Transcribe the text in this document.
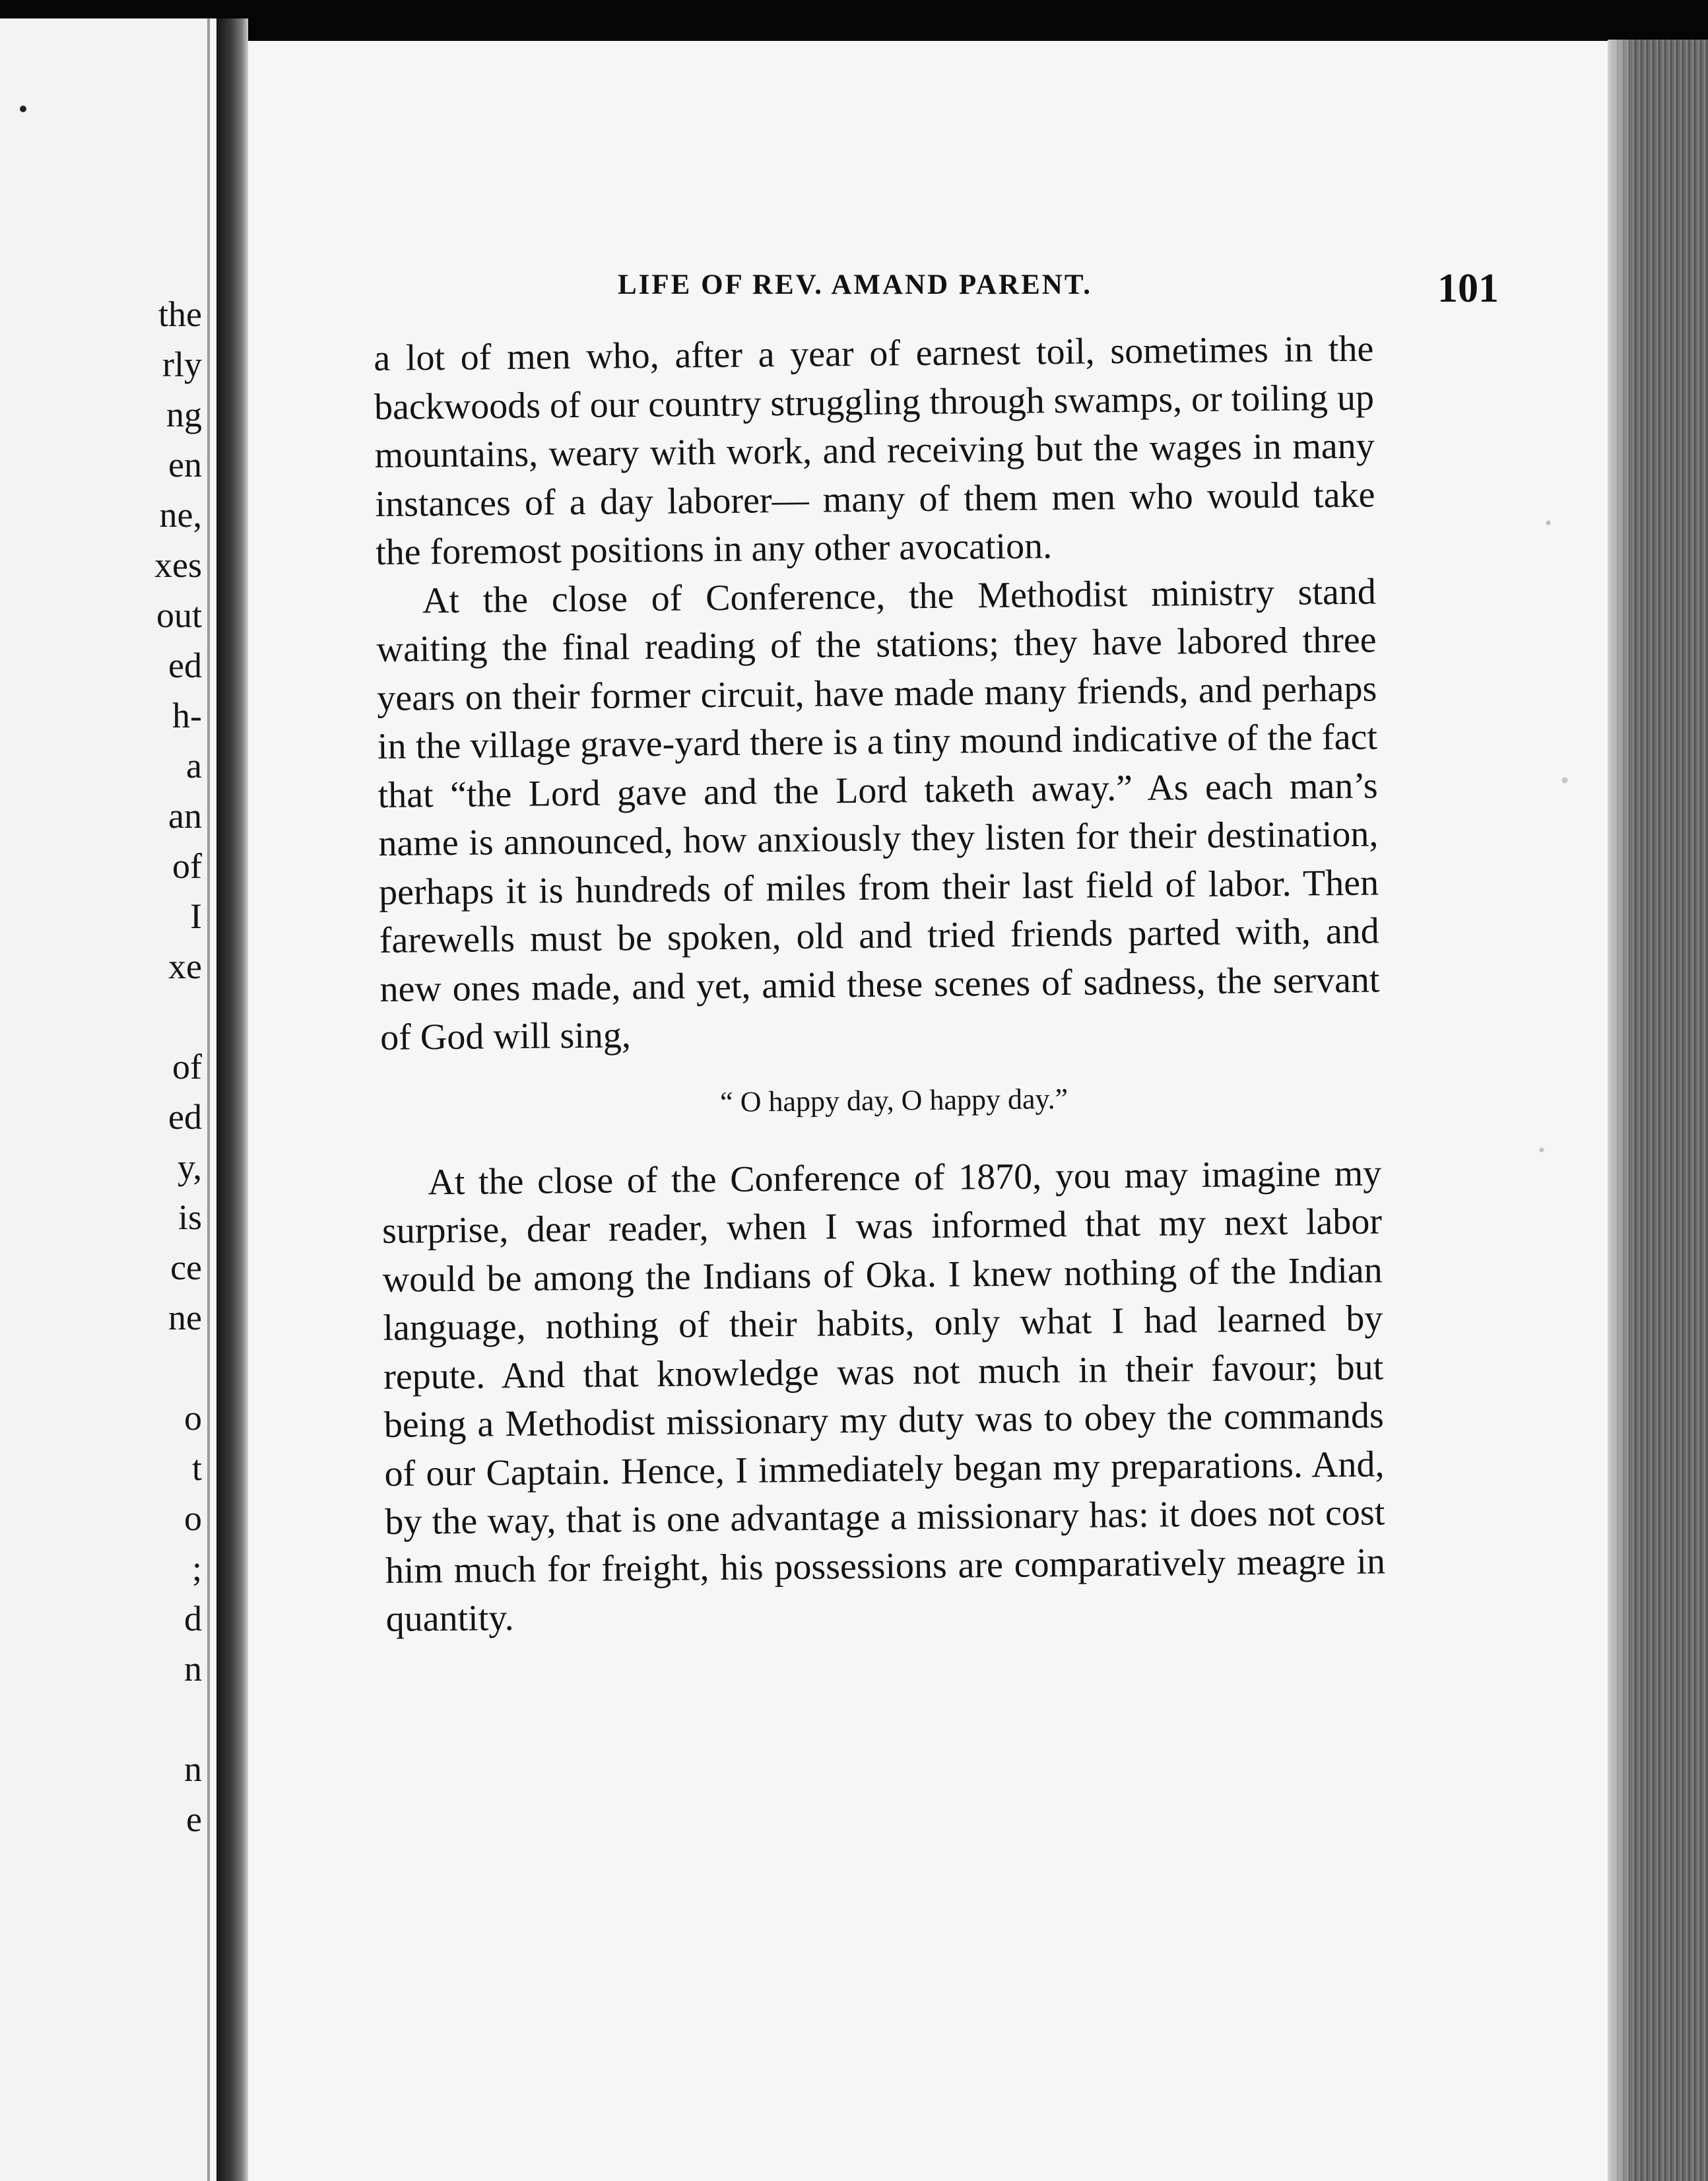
the
rly
ng
en
ne,
xes
out
ed
h-
a
an
of
I
xe
of
ed
y,
is
ce
ne
o
t
o
;
d
n
n
e
LIFE OF REV. AMAND PARENT.	101

a lot of men who, after a year of earnest toil, sometimes in the backwoods of our country struggling through swamps, or toiling up mountains, weary with work, and receiving but the wages in many instances of a day laborer— many of them men who would take the foremost positions in any other avocation.

At the close of Conference, the Methodist ministry stand waiting the final reading of the stations; they have labored three years on their former circuit, have made many friends, and perhaps in the village grave-yard there is a tiny mound indicative of the fact that “the Lord gave and the Lord taketh away.” As each man’s name is announced, how anxiously they listen for their destination, perhaps it is hundreds of miles from their last field of labor. Then farewells must be spoken, old and tried friends parted with, and new ones made, and yet, amid these scenes of sadness, the servant of God will sing,

“ O happy day, O happy day.”

At the close of the Conference of 1870, you may imagine my surprise, dear reader, when I was informed that my next labor would be among the Indians of Oka. I knew nothing of the Indian language, nothing of their habits, only what I had learned by repute. And that knowledge was not much in their favour; but being a Methodist missionary my duty was to obey the commands of our Captain. Hence, I immediately began my preparations. And, by the way, that is one advantage a missionary has: it does not cost him much for freight, his possessions are comparatively meagre in quantity.
